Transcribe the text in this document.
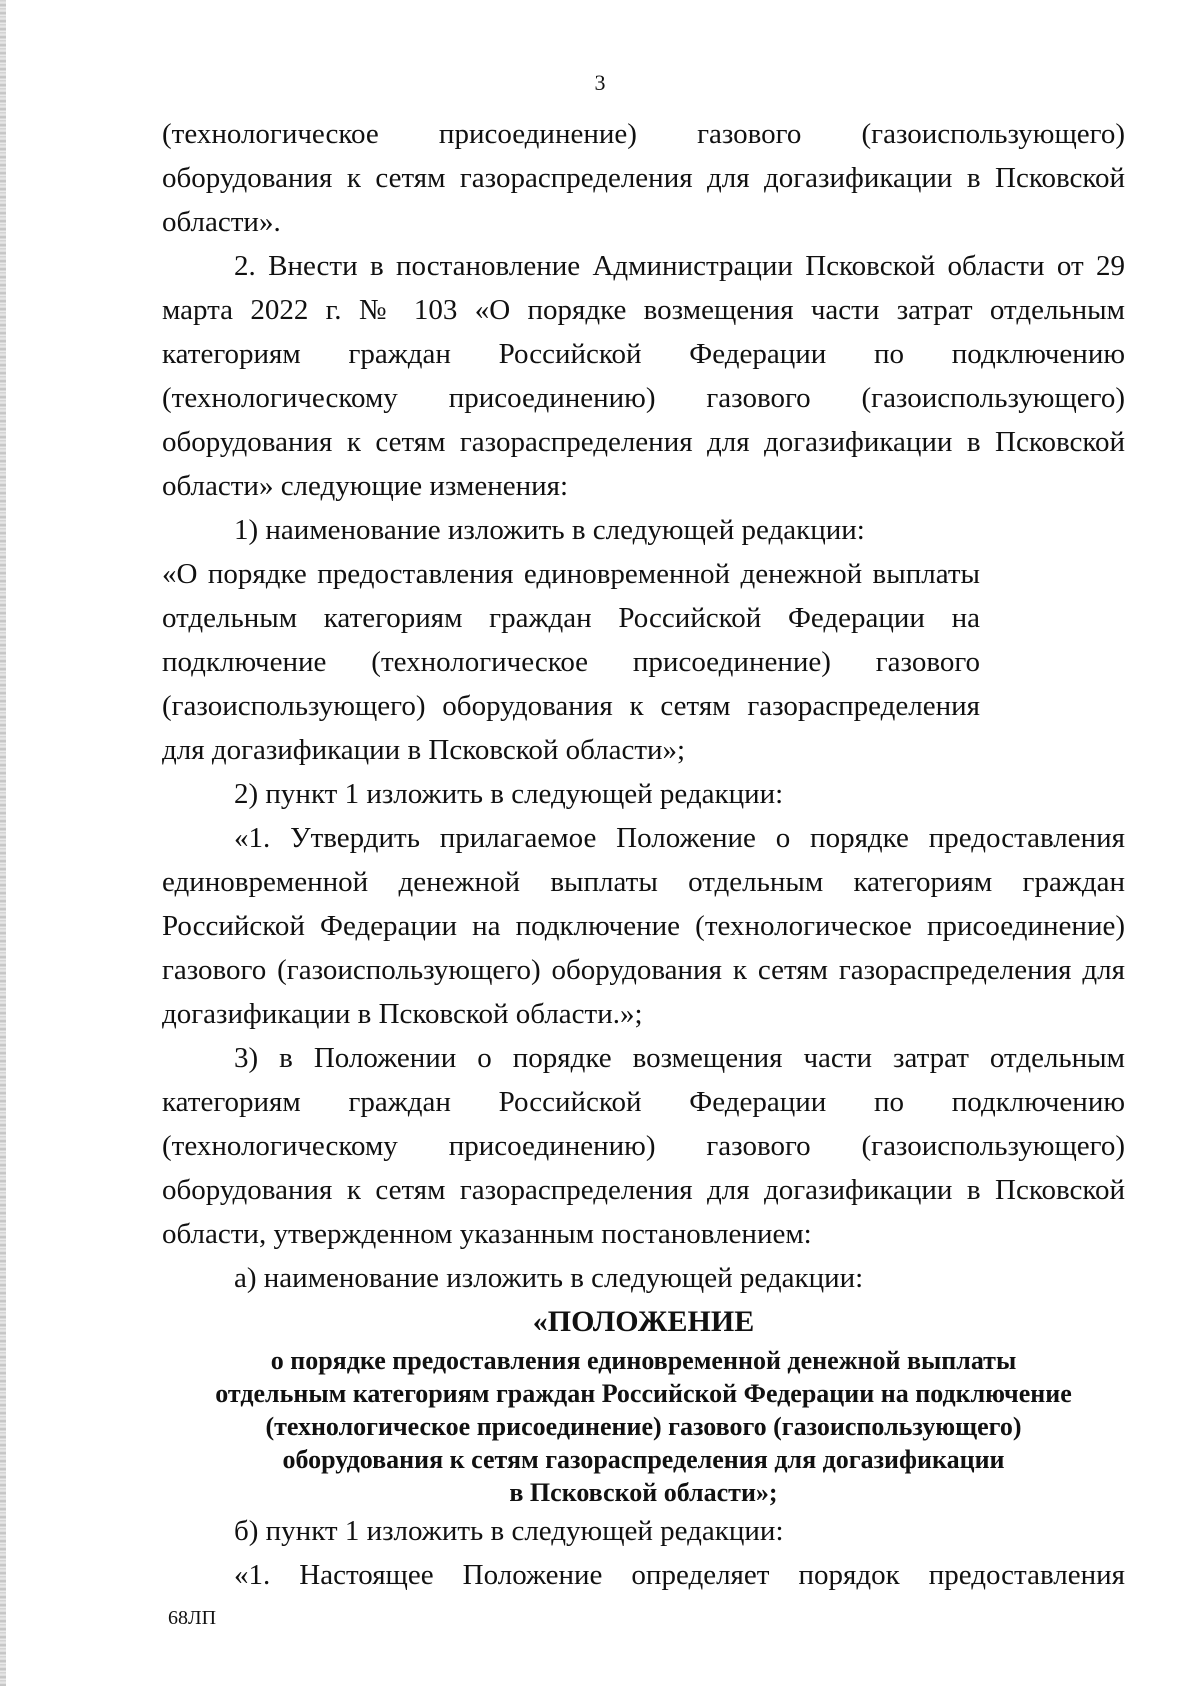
3

(технологическое присоединение) газового (газоиспользующего) оборудования к сетям газораспределения для догазификации в Псковской области».

2. Внести в постановление Администрации Псковской области от 29 марта 2022 г. № 103 «О порядке возмещения части затрат отдельным категориям граждан Российской Федерации по подключению (технологическому присоединению) газового (газоиспользующего) оборудования к сетям газораспределения для догазификации в Псковской области» следующие изменения:

1) наименование изложить в следующей редакции:

«О порядке предоставления единовременной денежной выплаты отдельным категориям граждан Российской Федерации на подключение (технологическое присоединение) газового (газоиспользующего) оборудования к сетям газораспределения для догазификации в Псковской области»;

2) пункт 1 изложить в следующей редакции:

«1. Утвердить прилагаемое Положение о порядке предоставления единовременной денежной выплаты отдельным категориям граждан Российской Федерации на подключение (технологическое присоединение) газового (газоиспользующего) оборудования к сетям газораспределения для догазификации в Псковской области.»;

3) в Положении о порядке возмещения части затрат отдельным категориям граждан Российской Федерации по подключению (технологическому присоединению) газового (газоиспользующего) оборудования к сетям газораспределения для догазификации в Псковской области, утвержденном указанным постановлением:

а) наименование изложить в следующей редакции:

«ПОЛОЖЕНИЕ

о порядке предоставления единовременной денежной выплаты

отдельным категориям граждан Российской Федерации на подключение

(технологическое присоединение) газового (газоиспользующего)

оборудования к сетям газораспределения для догазификации

в Псковской области»;

б) пункт 1 изложить в следующей редакции:

«1. Настоящее Положение определяет порядок предоставления

68ЛП
